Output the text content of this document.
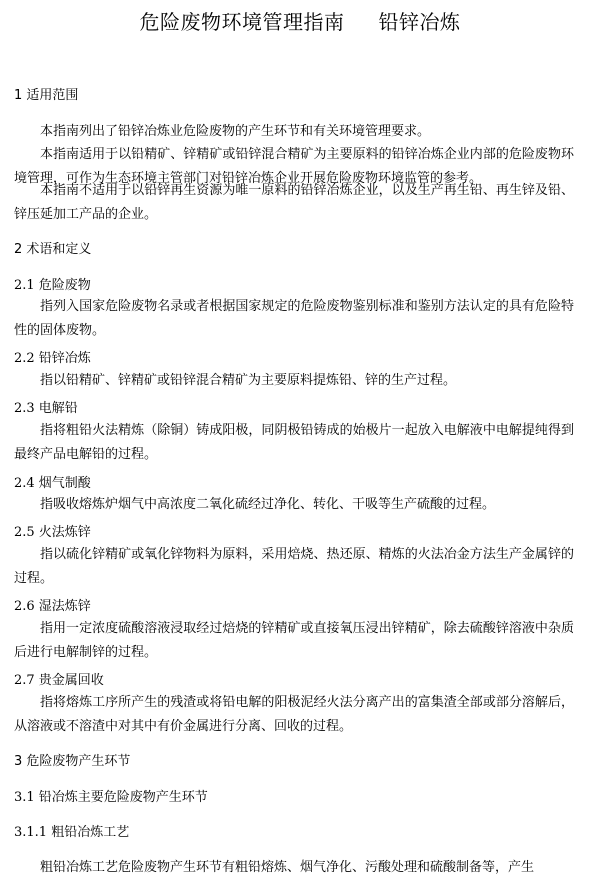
危险废物环境管理指南 铅锌冶炼
1 适用范围

本指南列出了铅锌冶炼业危险废物的产生环节和有关环境管理要求。

本指南适用于以铅精矿、锌精矿或铅锌混合精矿为主要原料的铅锌冶炼企业内部的危险废物环境管理，可作为生态环境主管部门对铅锌冶炼企业开展危险废物环境监管的参考。

本指南不适用于以铅锌再生资源为唯一原料的铅锌冶炼企业，以及生产再生铅、再生锌及铅、锌压延加工产品的企业。

2 术语和定义
2.1 危险废物

指列入国家危险废物名录或者根据国家规定的危险废物鉴别标准和鉴别方法认定的具有危险特性的固体废物。

2.2 铅锌冶炼

指以铅精矿、锌精矿或铅锌混合精矿为主要原料提炼铅、锌的生产过程。

2.3 电解铅

指将粗铅火法精炼（除铜）铸成阳极，同阴极铅铸成的始极片一起放入电解液中电解提纯得到最终产品电解铅的过程。

2.4 烟气制酸

指吸收熔炼炉烟气中高浓度二氧化硫经过净化、转化、干吸等生产硫酸的过程。

2.5 火法炼锌

指以硫化锌精矿或氧化锌物料为原料，采用焙烧、热还原、精炼的火法冶金方法生产金属锌的过程。

2.6 湿法炼锌

指用一定浓度硫酸溶液浸取经过焙烧的锌精矿或直接氧压浸出锌精矿，除去硫酸锌溶液中杂质后进行电解制锌的过程。

2.7 贵金属回收

指将熔炼工序所产生的残渣或将铅电解的阳极泥经火法分离产出的富集渣全部或部分溶解后，从溶液或不溶渣中对其中有价金属进行分离、回收的过程。

3 危险废物产生环节
3.1 铅冶炼主要危险废物产生环节
3.1.1 粗铅冶炼工艺

粗铅冶炼工艺危险废物产生环节有粗铅熔炼、烟气净化、污酸处理和硫酸制备等，产生
